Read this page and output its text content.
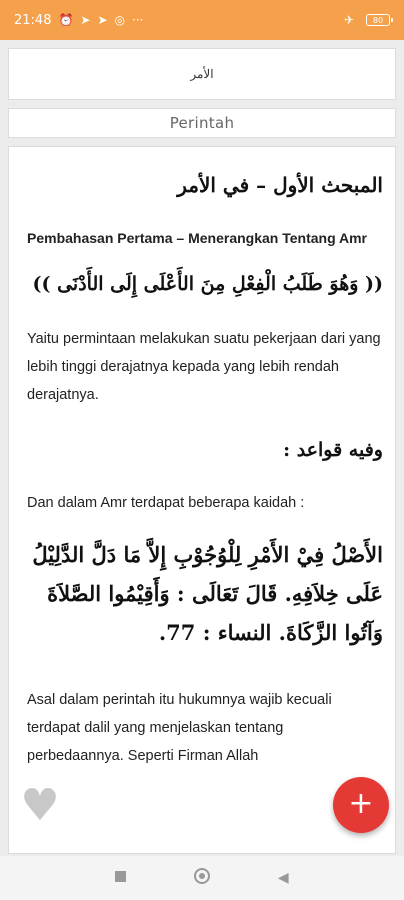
21:48 ⏰ ➤ ➤ ◎ ···	✈ 80
الأمر
Perintah
المبحث الأول – في الأمر
Pembahasan Pertama – Menerangkan Tentang Amr
(( وَهُوَ طَلَبُ الْفِعْلِ مِنَ الأَعْلَى إِلَى الأَدْنَى ))
Yaitu permintaan melakukan suatu pekerjaan dari yang lebih tinggi derajatnya kepada yang lebih rendah derajatnya.
وفيه قواعد :
Dan dalam Amr terdapat beberapa kaidah :
الأَصْلُ فِيْ الأَمْرِ لِلْوُجُوْبِ إِلاَّ مَا دَلَّ الدَّلِيْلُ عَلَى خِلاَفِهِ. قَالَ تَعَالَى : وَأَقِيْمُوا الصَّلاَةَ وَآتُوا الزَّكَاةَ. النساء : 77.
Asal dalam perintah itu hukumnya wajib kecuali terdapat dalil yang menjelaskan tentang perbedaannya. Seperti Firman Allah
♥	+
◀
